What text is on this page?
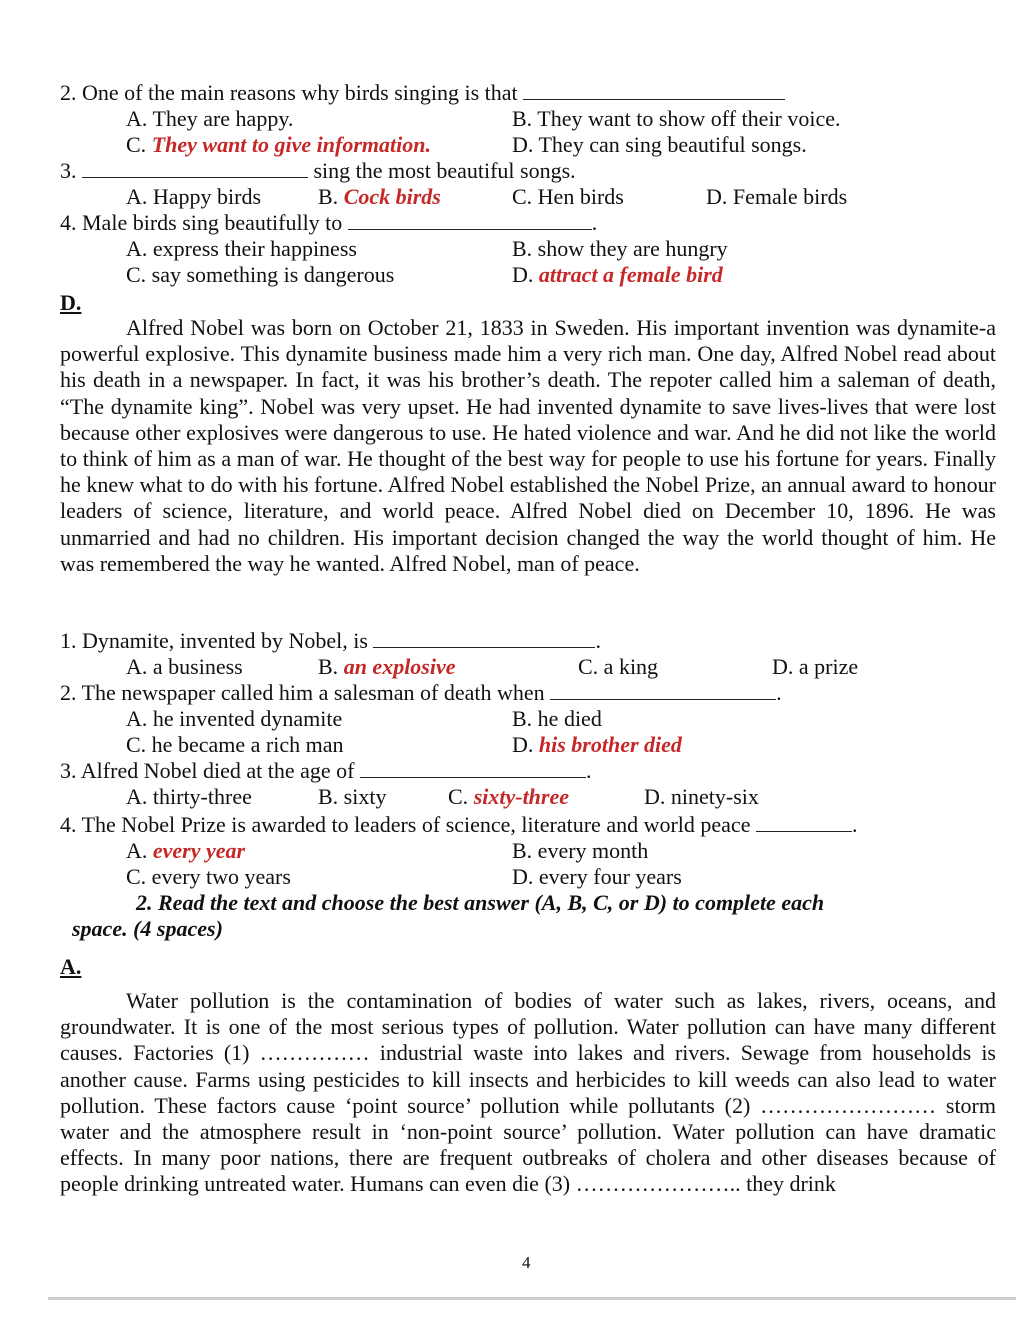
2. One of the main reasons why birds singing is that
A. They are happy.	B. They want to show off their voice.
C. They want to give information.	D. They can sing beautiful songs.
3.	sing the most beautiful songs.
A. Happy birds	B. Cock birds	C. Hen birds	D. Female birds
4. Male birds sing beautifully to	.
A. express their happiness	B. show they are hungry
C. say something is dangerous	D. attract a female bird
D.
Alfred Nobel was born on October 21, 1833 in Sweden. His important invention was dynamite-a powerful explosive. This dynamite business made him a very rich man. One day, Alfred Nobel read about his death in a newspaper. In fact, it was his brother’s death. The repoter called him a saleman of death, “The dynamite king”. Nobel was very upset. He had invented dynamite to save lives-lives that were lost because other explosives were dangerous to use. He hated violence and war. And he did not like the world to think of him as a man of war. He thought of the best way for people to use his fortune for years. Finally he knew what to do with his fortune. Alfred Nobel established the Nobel Prize, an annual award to honour leaders of science, literature, and world peace. Alfred Nobel died on December 10, 1896. He was unmarried and had no children. His important decision changed the way the world thought of him. He was remembered the way he wanted. Alfred Nobel, man of peace.
1. Dynamite, invented by Nobel, is	.
A. a business	B. an explosive	C. a king	D. a prize
2. The newspaper called him a salesman of death when	.
A. he invented dynamite	B. he died
C. he became a rich man	D. his brother died
3. Alfred Nobel died at the age of	.
A. thirty-three	B. sixty	C. sixty-three	D. ninety-six
4. The Nobel Prize is awarded to leaders of science, literature and world peace	.
A. every year	B. every month
C. every two years	D. every four years
2. Read the text and choose the best answer (A, B, C, or D) to complete each
space. (4 spaces)
A.
Water pollution is the contamination of bodies of water such as lakes, rivers, oceans, and groundwater. It is one of the most serious types of pollution. Water pollution can have many different causes. Factories (1) …………… industrial waste into lakes and rivers. Sewage from households is another cause. Farms using pesticides to kill insects and herbicides to kill weeds can also lead to water pollution. These factors cause ‘point source’ pollution while pollutants (2) …………………… storm water and the atmosphere result in ‘non-point source’ pollution. Water pollution can have dramatic effects. In many poor nations, there are frequent outbreaks of cholera and other diseases because of people drinking untreated water. Humans can even die (3) ………………….. they drink
4
